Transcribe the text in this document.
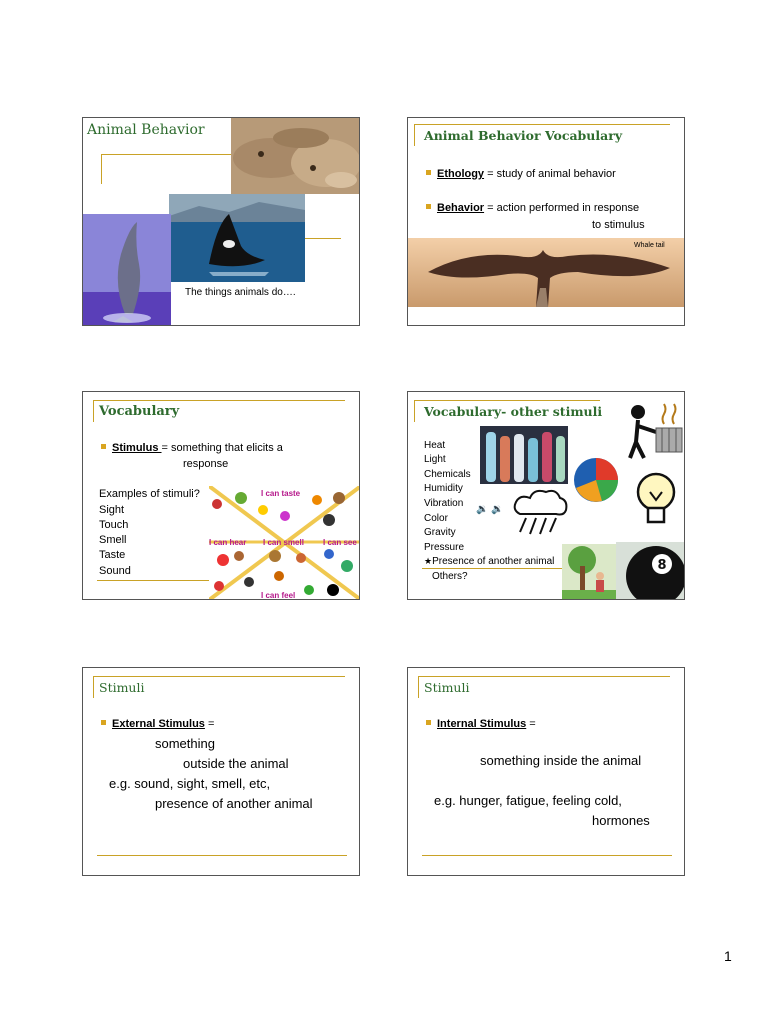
Animal Behavior
The things animals do….
Animal Behavior Vocabulary
Ethology = study of animal behavior
Behavior = action performed in response
to stimulus
Whale tail
Vocabulary
Stimulus = something that elicits a
response
Examples of stimuli?
Sight
Touch
Smell
Taste
Sound
I can taste
I can hear I can smell I can see
I can feel
Vocabulary- other stimuli
Heat
Light
Chemicals
Humidity
Vibration
Color
Gravity
Pressure
★Presence of another animal
Others?
🔉 🔉
8
Stimuli
External Stimulus =
something
outside the animal
e.g. sound, sight, smell, etc,
presence of another animal
Stimuli
Internal Stimulus =
something inside the animal
e.g. hunger, fatigue, feeling cold,
hormones
1
